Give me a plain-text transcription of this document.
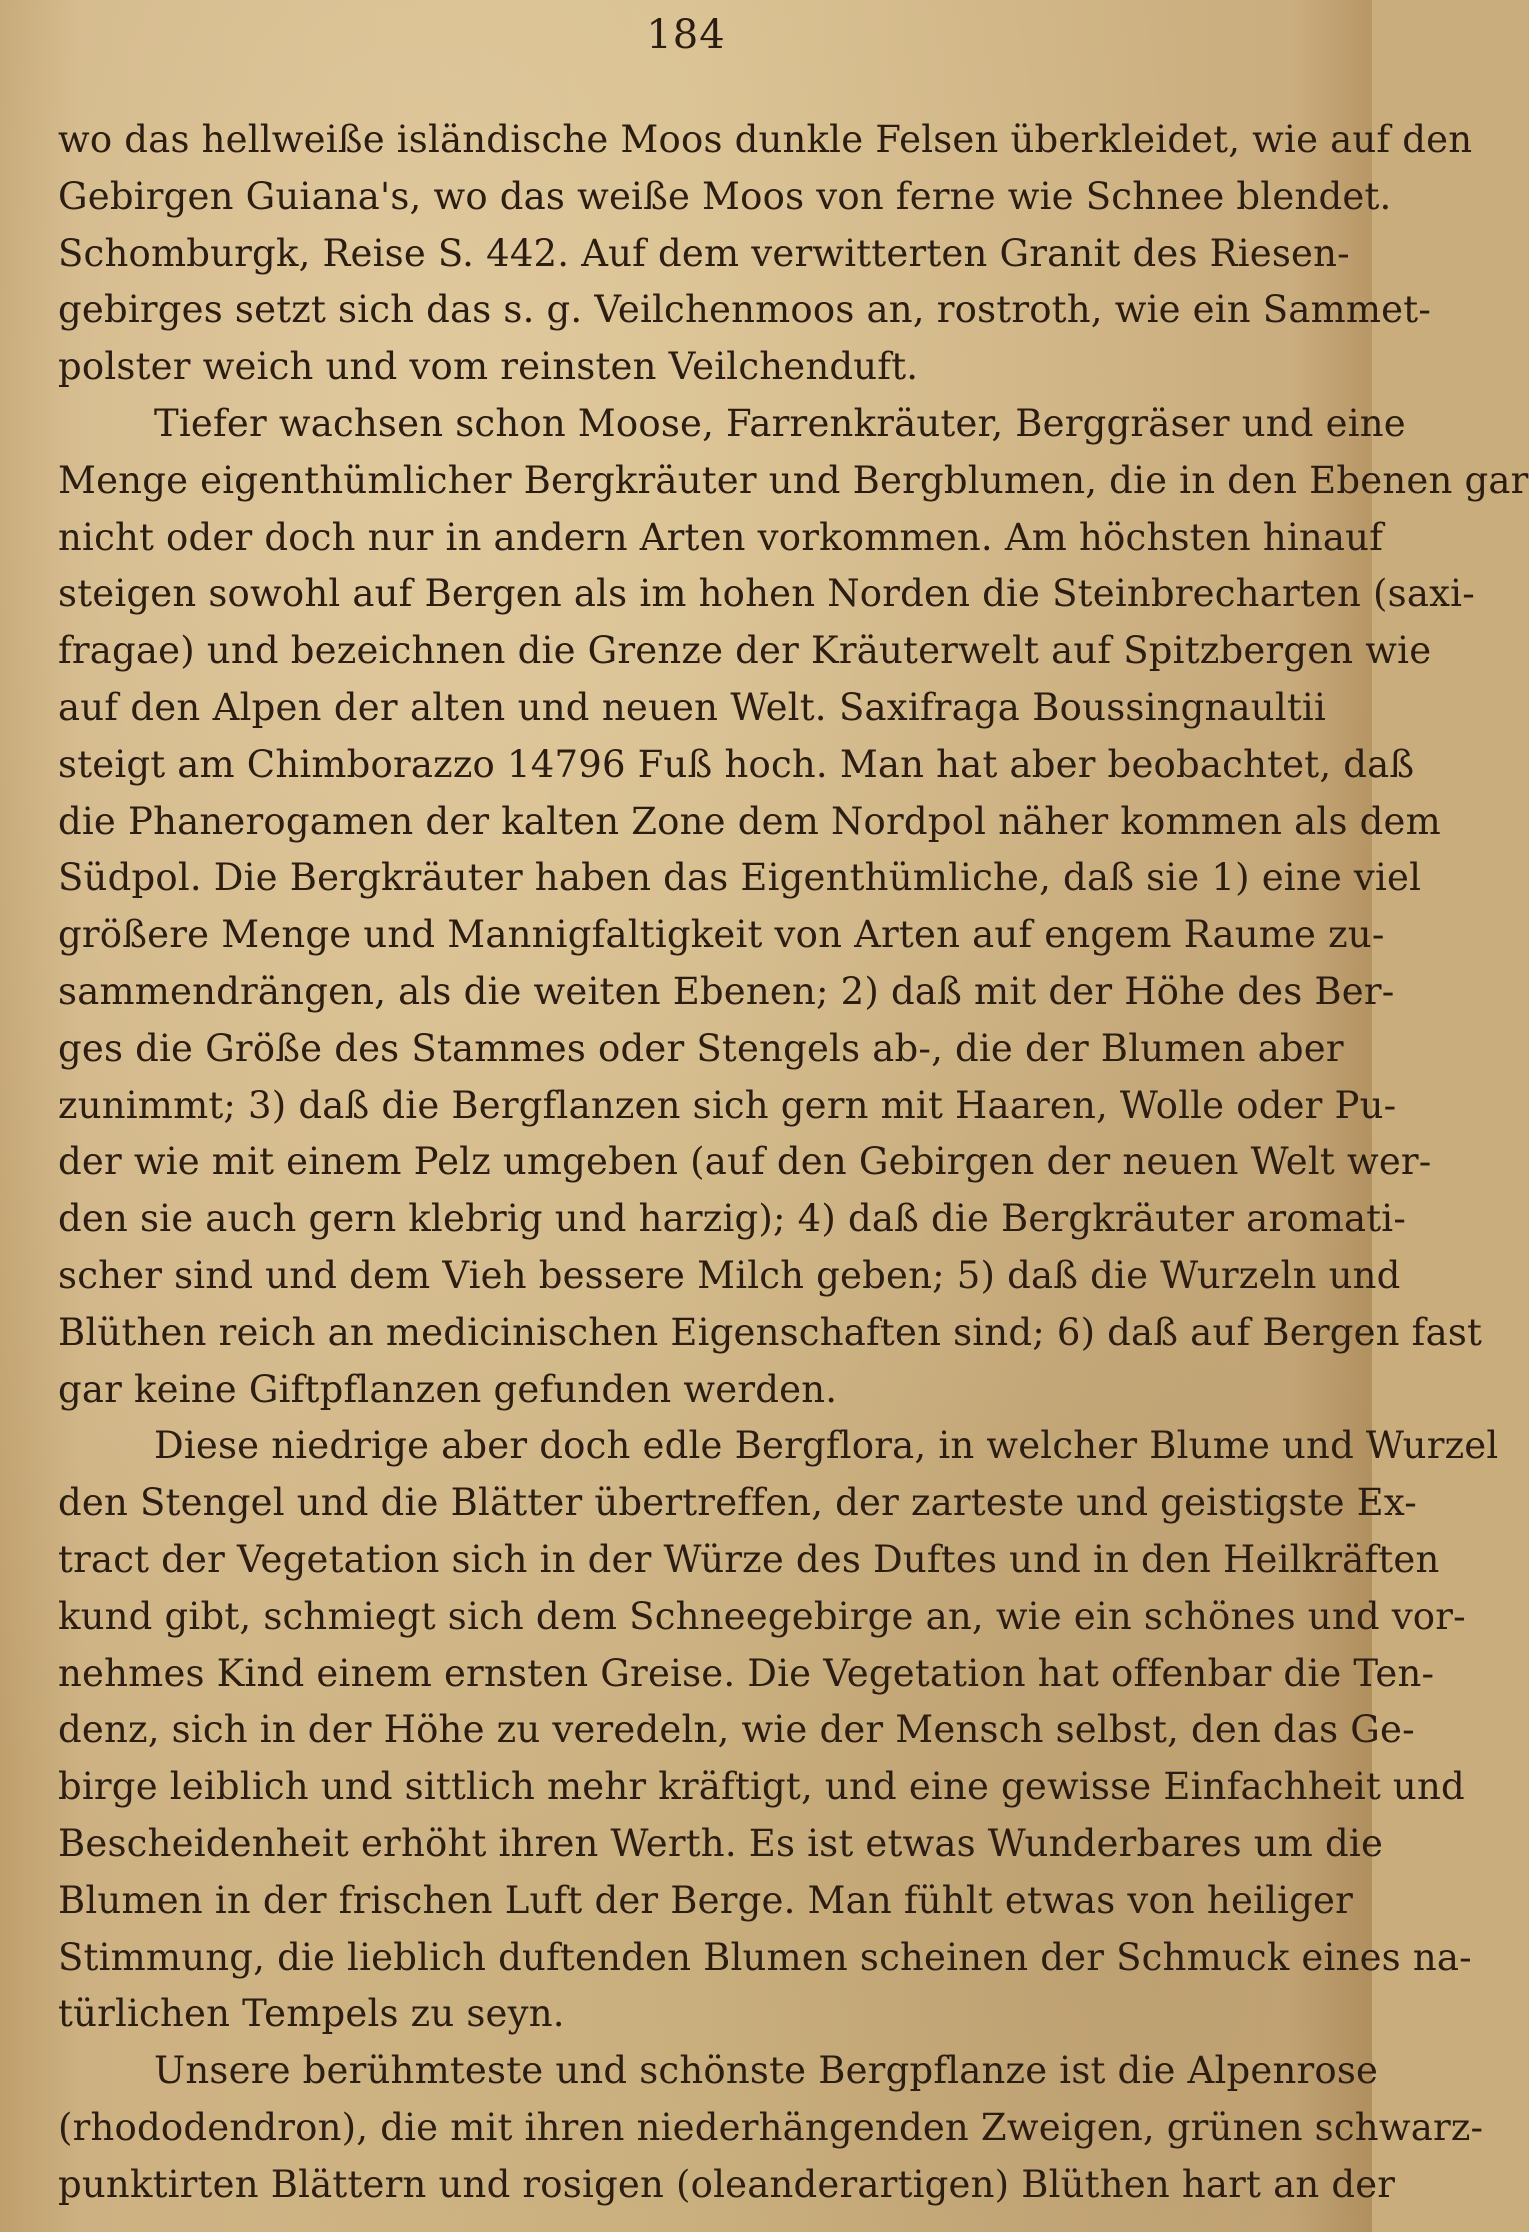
184
wo das hellweiße isländische Moos dunkle Felsen überkleidet, wie auf den
Gebirgen Guiana's, wo das weiße Moos von ferne wie Schnee blendet.
Schomburgk, Reise S. 442. Auf dem verwitterten Granit des Riesen-
gebirges setzt sich das s. g. Veilchenmoos an, rostroth, wie ein Sammet-
polster weich und vom reinsten Veilchenduft.
Tiefer wachsen schon Moose, Farrenkräuter, Berggräser und eine
Menge eigenthümlicher Bergkräuter und Bergblumen, die in den Ebenen gar
nicht oder doch nur in andern Arten vorkommen. Am höchsten hinauf
steigen sowohl auf Bergen als im hohen Norden die Steinbrecharten (saxi-
fragae) und bezeichnen die Grenze der Kräuterwelt auf Spitzbergen wie
auf den Alpen der alten und neuen Welt. Saxifraga Boussingnaultii
steigt am Chimborazzo 14796 Fuß hoch. Man hat aber beobachtet, daß
die Phanerogamen der kalten Zone dem Nordpol näher kommen als dem
Südpol. Die Bergkräuter haben das Eigenthümliche, daß sie 1) eine viel
größere Menge und Mannigfaltigkeit von Arten auf engem Raume zu-
sammendrängen, als die weiten Ebenen; 2) daß mit der Höhe des Ber-
ges die Größe des Stammes oder Stengels ab-, die der Blumen aber
zunimmt; 3) daß die Bergflanzen sich gern mit Haaren, Wolle oder Pu-
der wie mit einem Pelz umgeben (auf den Gebirgen der neuen Welt wer-
den sie auch gern klebrig und harzig); 4) daß die Bergkräuter aromati-
scher sind und dem Vieh bessere Milch geben; 5) daß die Wurzeln und
Blüthen reich an medicinischen Eigenschaften sind; 6) daß auf Bergen fast
gar keine Giftpflanzen gefunden werden.
Diese niedrige aber doch edle Bergflora, in welcher Blume und Wurzel
den Stengel und die Blätter übertreffen, der zarteste und geistigste Ex-
tract der Vegetation sich in der Würze des Duftes und in den Heilkräften
kund gibt, schmiegt sich dem Schneegebirge an, wie ein schönes und vor-
nehmes Kind einem ernsten Greise. Die Vegetation hat offenbar die Ten-
denz, sich in der Höhe zu veredeln, wie der Mensch selbst, den das Ge-
birge leiblich und sittlich mehr kräftigt, und eine gewisse Einfachheit und
Bescheidenheit erhöht ihren Werth. Es ist etwas Wunderbares um die
Blumen in der frischen Luft der Berge. Man fühlt etwas von heiliger
Stimmung, die lieblich duftenden Blumen scheinen der Schmuck eines na-
türlichen Tempels zu seyn.
Unsere berühmteste und schönste Bergpflanze ist die Alpenrose
(rhododendron), die mit ihren niederhängenden Zweigen, grünen schwarz-
punktirten Blättern und rosigen (oleanderartigen) Blüthen hart an der
